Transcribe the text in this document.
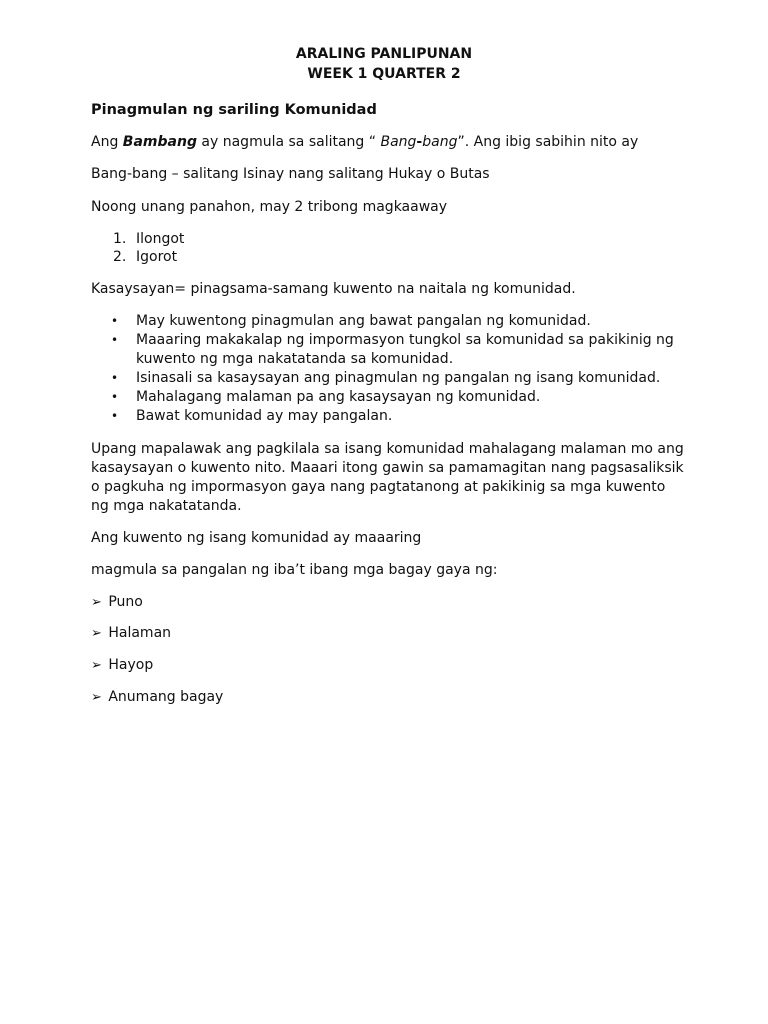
ARALING PANLIPUNAN
WEEK 1 QUARTER 2
Pinagmulan ng sariling Komunidad
Ang Bambang ay nagmula sa salitang “ Bang-bang”. Ang ibig sabihin nito ay
Bang-bang – salitang Isinay nang salitang Hukay o Butas
Noong unang panahon, may 2 tribong magkaaway
1. Ilongot
2. Igorot
Kasaysayan= pinagsama-samang kuwento na naitala ng komunidad.
• May kuwentong pinagmulan ang bawat pangalan ng komunidad.
• Maaaring makakalap ng impormasyon tungkol sa komunidad sa pakikinig ng
kuwento ng mga nakatatanda sa komunidad.
• Isinasali sa kasaysayan ang pinagmulan ng pangalan ng isang komunidad.
• Mahalagang malaman pa ang kasaysayan ng komunidad.
• Bawat komunidad ay may pangalan.
Upang mapalawak ang pagkilala sa isang komunidad mahalagang malaman mo ang
kasaysayan o kuwento nito. Maaari itong gawin sa pamamagitan nang pagsasaliksik
o pagkuha ng impormasyon gaya nang pagtatanong at pakikinig sa mga kuwento
ng mga nakatatanda.
Ang kuwento ng isang komunidad ay maaaring
magmula sa pangalan ng iba’t ibang mga bagay gaya ng:
➢ Puno
➢ Halaman
➢ Hayop
➢ Anumang bagay
